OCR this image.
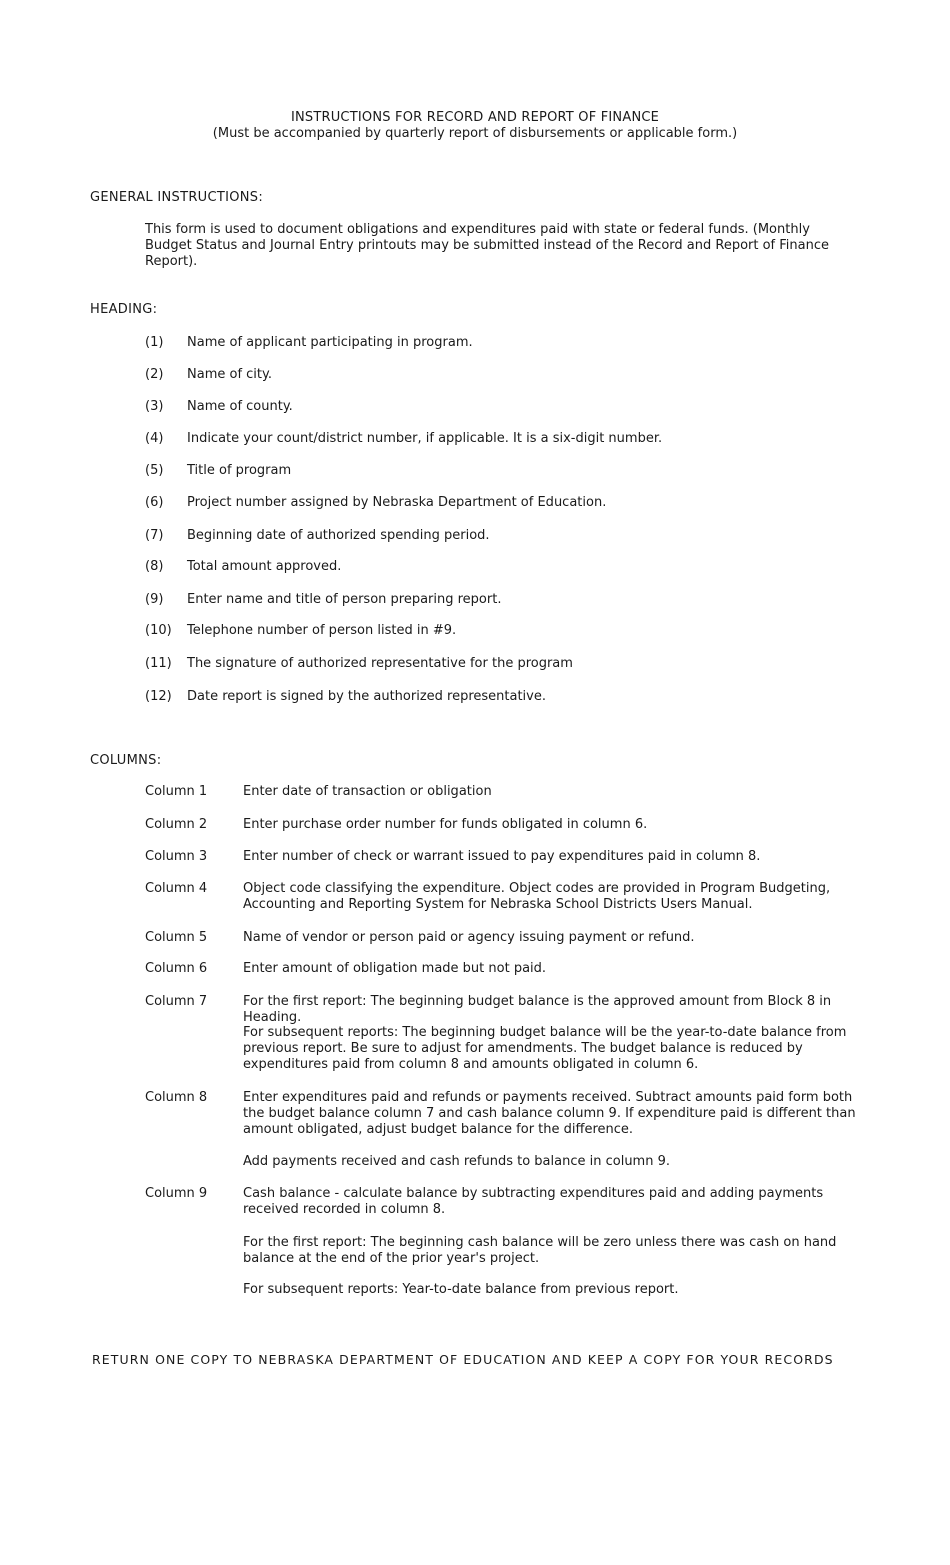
INSTRUCTIONS FOR RECORD AND REPORT OF FINANCE
(Must be accompanied by quarterly report of disbursements or applicable form.)
GENERAL INSTRUCTIONS:
This form is used to document obligations and expenditures paid with state or federal funds. (Monthly Budget Status and Journal Entry printouts may be submitted instead of the Record and Report of Finance Report).
HEADING:
(1) Name of applicant participating in program.
(2) Name of city.
(3) Name of county.
(4) Indicate your count/district number, if applicable. It is a six-digit number.
(5) Title of program
(6) Project number assigned by Nebraska Department of Education.
(7) Beginning date of authorized spending period.
(8) Total amount approved.
(9) Enter name and title of person preparing report.
(10) Telephone number of person listed in #9.
(11) The signature of authorized representative for the program
(12) Date report is signed by the authorized representative.
COLUMNS:
Column 1	Enter date of transaction or obligation
Column 2	Enter purchase order number for funds obligated in column 6.
Column 3	Enter number of check or warrant issued to pay expenditures paid in column 8.
Column 4	Object code classifying the expenditure. Object codes are provided in Program Budgeting, Accounting and Reporting System for Nebraska School Districts Users Manual.
Column 5	Name of vendor or person paid or agency issuing payment or refund.
Column 6	Enter amount of obligation made but not paid.
Column 7	For the first report: The beginning budget balance is the approved amount from Block 8 in Heading.
For subsequent reports: The beginning budget balance will be the year-to-date balance from previous report. Be sure to adjust for amendments. The budget balance is reduced by expenditures paid from column 8 and amounts obligated in column 6.
Column 8	Enter expenditures paid and refunds or payments received. Subtract amounts paid form both the budget balance column 7 and cash balance column 9. If expenditure paid is different than amount obligated, adjust budget balance for the difference.
Add payments received and cash refunds to balance in column 9.
Column 9	Cash balance - calculate balance by subtracting expenditures paid and adding payments received recorded in column 8.
For the first report: The beginning cash balance will be zero unless there was cash on hand balance at the end of the prior year's project.
For subsequent reports: Year-to-date balance from previous report.
RETURN ONE COPY TO NEBRASKA DEPARTMENT OF EDUCATION AND KEEP A COPY FOR YOUR RECORDS
